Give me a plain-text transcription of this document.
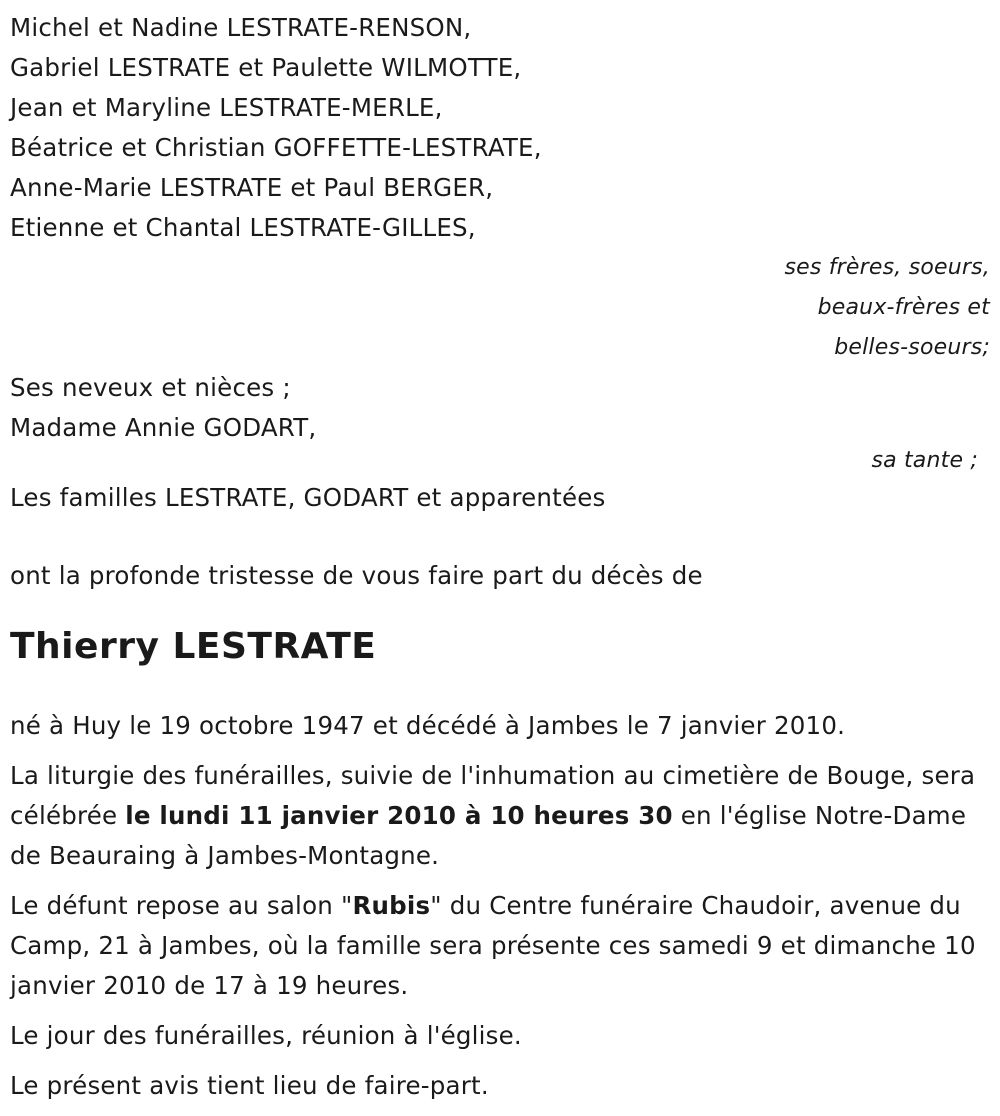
Michel et Nadine LESTRATE-RENSON,
Gabriel LESTRATE et Paulette WILMOTTE,
Jean et Maryline LESTRATE-MERLE,
Béatrice et Christian GOFFETTE-LESTRATE,
Anne-Marie LESTRATE et Paul BERGER,
Etienne et Chantal LESTRATE-GILLES,
ses frères, soeurs,
beaux-frères et
belles-soeurs;
Ses neveux et nièces ;
Madame Annie GODART,
sa tante ;
Les familles LESTRATE, GODART et apparentées
ont la profonde tristesse de vous faire part du décès de
Thierry LESTRATE
né à Huy le 19 octobre 1947 et décédé à Jambes le 7 janvier 2010.
La liturgie des funérailles, suivie de l'inhumation au cimetière de Bouge, sera célébrée le lundi 11 janvier 2010 à 10 heures 30 en l'église Notre-Dame de Beauraing à Jambes-Montagne.
Le défunt repose au salon "Rubis" du Centre funéraire Chaudoir, avenue du Camp, 21 à Jambes, où la famille sera présente ces samedi 9 et dimanche 10 janvier 2010 de 17 à 19 heures.
Le jour des funérailles, réunion à l'église.
Le présent avis tient lieu de faire-part.
